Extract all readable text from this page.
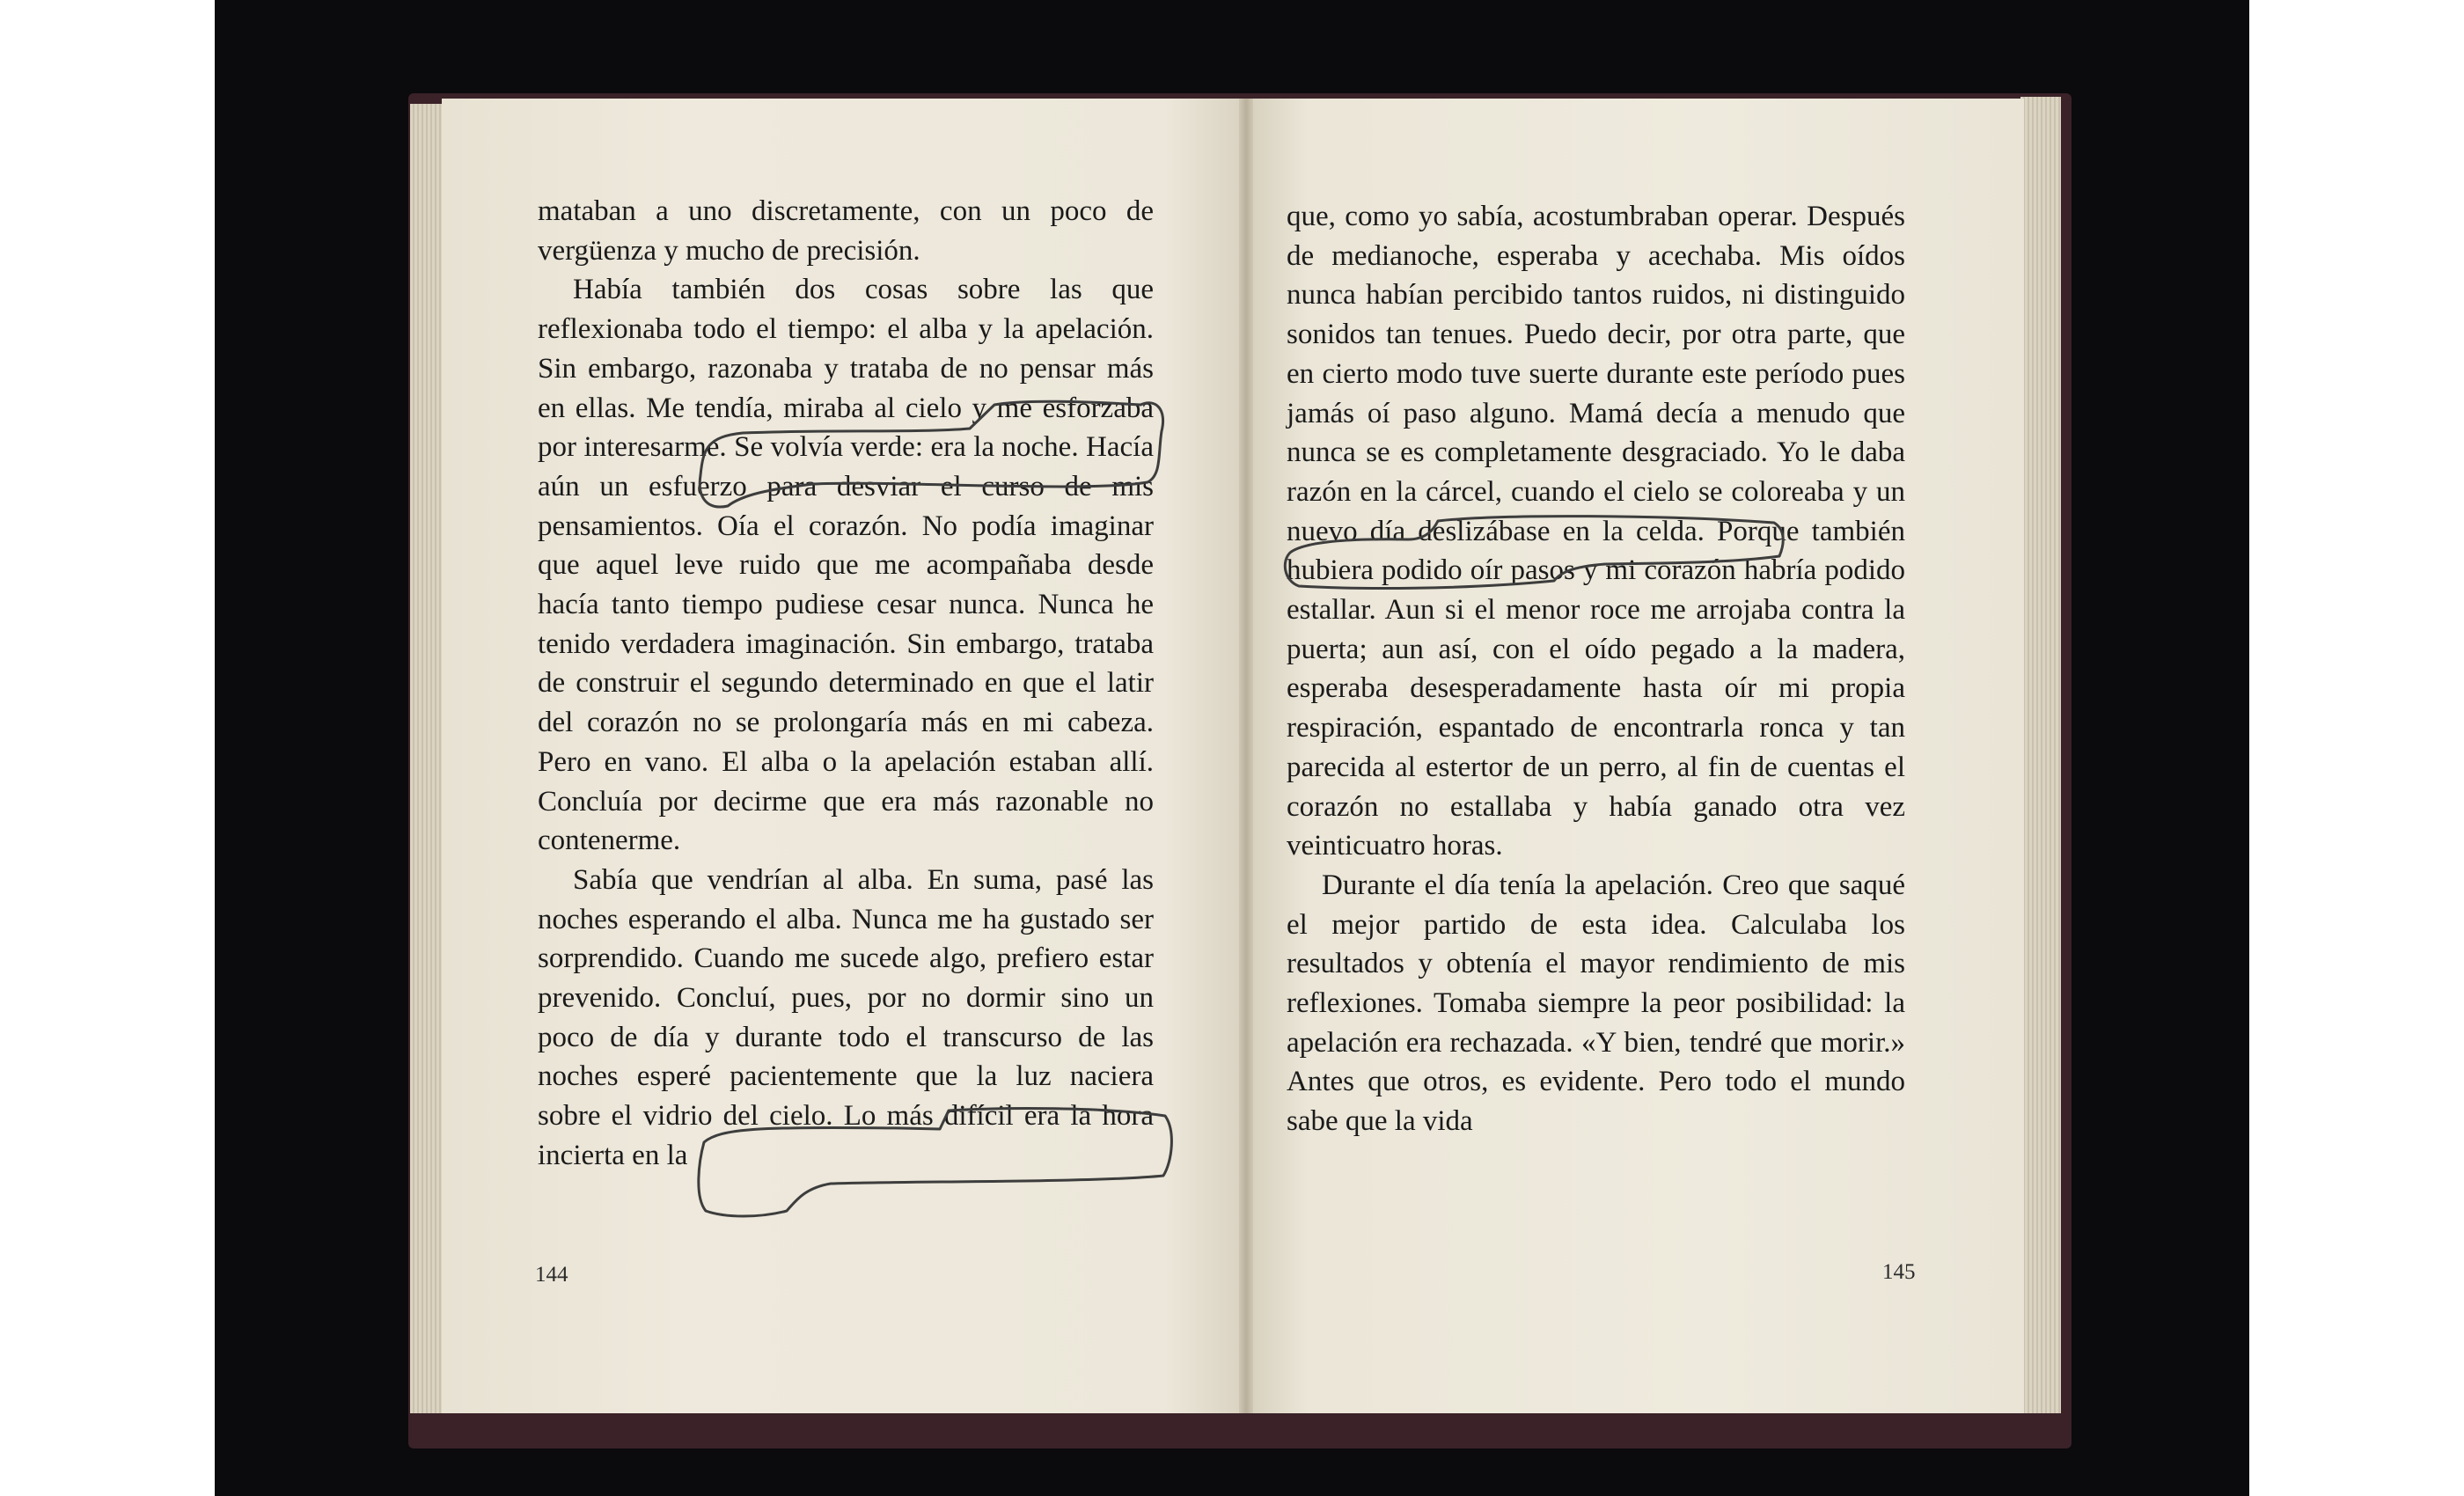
mataban a uno discretamente, con un poco de vergüenza y mucho de precisión.

Había también dos cosas sobre las que reflexionaba todo el tiempo: el alba y la apelación. Sin embargo, razonaba y trataba de no pensar más en ellas. Me tendía, miraba al cielo y me esforzaba por interesarme. Se volvía verde: era la noche. Hacía aún un esfuerzo para desviar el curso de mis pensamientos. Oía el corazón. No podía imaginar que aquel leve ruido que me acompañaba desde hacía tanto tiempo pudiese cesar nunca. Nunca he tenido verdadera imaginación. Sin embargo, trataba de construir el segundo determinado en que el latir del corazón no se prolongaría más en mi cabeza. Pero en vano. El alba o la apelación estaban allí. Concluía por decirme que era más razonable no contenerme.

Sabía que vendrían al alba. En suma, pasé las noches esperando el alba. Nunca me ha gustado ser sorprendido. Cuando me sucede algo, prefiero estar prevenido. Concluí, pues, por no dormir sino un poco de día y durante todo el transcurso de las noches esperé pacientemente que la luz naciera sobre el vidrio del cielo. Lo más difícil era la hora incierta en la

que, como yo sabía, acostumbraban operar. Después de medianoche, esperaba y acechaba. Mis oídos nunca habían percibido tantos ruidos, ni distinguido sonidos tan tenues. Puedo decir, por otra parte, que en cierto modo tuve suerte durante este período pues jamás oí paso alguno. Mamá decía a menudo que nunca se es completamente desgraciado. Yo le daba razón en la cárcel, cuando el cielo se coloreaba y un nuevo día deslizábase en la celda. Porque también hubiera podido oír pasos y mi corazón habría podido estallar. Aun si el menor roce me arrojaba contra la puerta; aun así, con el oído pegado a la madera, esperaba desesperadamente hasta oír mi propia respiración, espantado de encontrarla ronca y tan parecida al estertor de un perro, al fin de cuentas el corazón no estallaba y había ganado otra vez veinticuatro horas.

Durante el día tenía la apelación. Creo que saqué el mejor partido de esta idea. Calculaba los resultados y obtenía el mayor rendimiento de mis reflexiones. Tomaba siempre la peor posibilidad: la apelación era rechazada. «Y bien, tendré que morir.» Antes que otros, es evidente. Pero todo el mundo sabe que la vida

144	145
